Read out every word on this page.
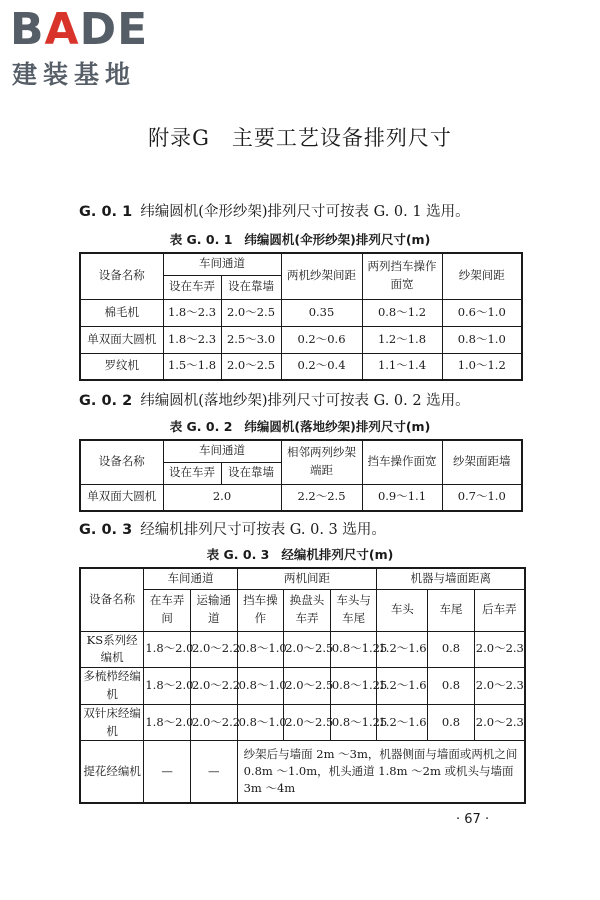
BADE
建装基地
附录G　主要工艺设备排列尺寸
G. 0. 1 纬编圆机(伞形纱架)排列尺寸可按表 G. 0. 1 选用。
表 G. 0. 1 纬编圆机(伞形纱架)排列尺寸(m)
设备名称	车间通道		两机纱架间距	两列挡车操作面宽	纱架间距
	设在车弄	设在靠墙			
棉毛机	1.8～2.3	2.0～2.5	0.35	0.8～1.2	0.6～1.0
单双面大圆机	1.8～2.3	2.5～3.0	0.2～0.6	1.2～1.8	0.8～1.0
罗纹机	1.5～1.8	2.0～2.5	0.2～0.4	1.1～1.4	1.0～1.2
G. 0. 2 纬编圆机(落地纱架)排列尺寸可按表 G. 0. 2 选用。
表 G. 0. 2 纬编圆机(落地纱架)排列尺寸(m)
设备名称	车间通道		相邻两列纱架端距	挡车操作面宽	纱架面距墙
	设在车弄	设在靠墙			
单双面大圆机	2.0		2.2～2.5	0.9～1.1	0.7～1.0
G. 0. 3 经编机排列尺寸可按表 G. 0. 3 选用。
表 G. 0. 3 经编机排列尺寸(m)
设备名称	车间通道		两机间距			机器与墙面距离		
	在车弄间	运输通道	挡车操作	换盘头车弄	车头与车尾	车头	车尾	后车弄
KS系列经编机	1.8～2.0	2.0～2.2	0.8～1.0	2.0～2.5	0.8～1.25	1.2～1.6	0.8	2.0～2.3
多梳栉经编机	1.8～2.0	2.0～2.2	0.8～1.0	2.0～2.5	0.8～1.25	1.2～1.6	0.8	2.0～2.3
双针床经编机	1.8～2.0	2.0～2.2	0.8～1.0	2.0～2.5	0.8～1.25	1.2～1.6	0.8	2.0～2.3
提花经编机	—	—	纱架后与墙面 2m ～3m，机器侧面与墙面或两机之间 0.8m ～1.0m，机头通道 1.8m ～2m 或机头与墙面 3m ～4m					
· 67 ·
